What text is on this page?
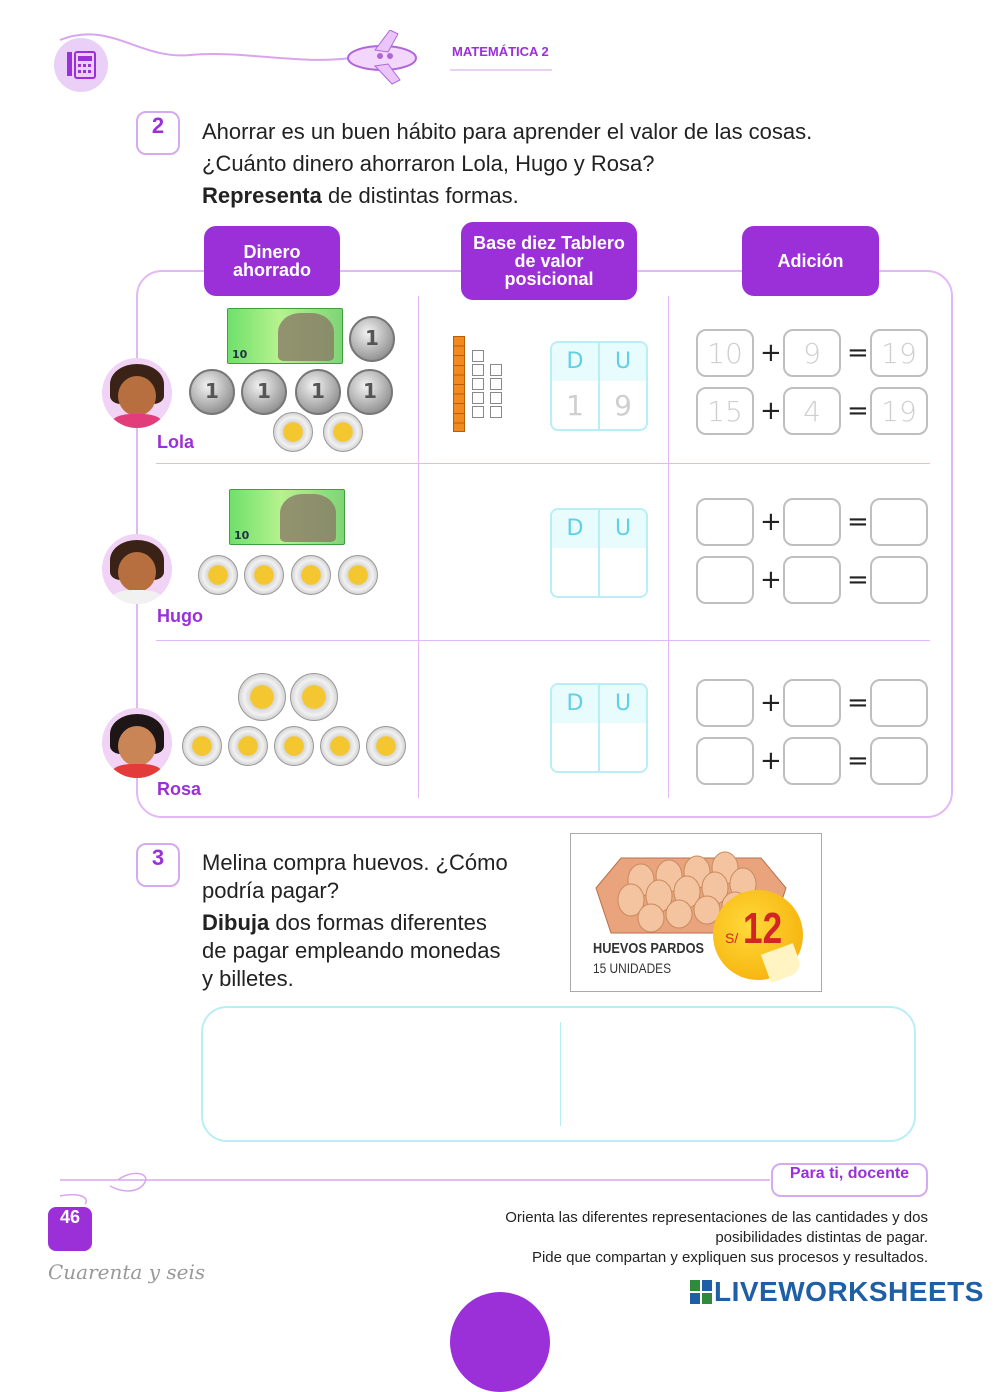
MATEMÁTICA 2
2	Ahorrar es un buen hábito para aprender el valor de las cosas.
¿Cuánto dinero ahorraron Lola, Hugo y Rosa?
Representa de distintas formas.
Dinero ahorrado
Base diez Tablero de valor posicional
Adición
Lola
10
1
1
1
1
1	D	U
1	9
10 + 9	= 19
15 + 4	= 19
Hugo
10	D	U	+	=
+	=
Rosa
D	U	+	=
+	=
3	Melina compra huevos. ¿Cómo
podría pagar?
Dibuja dos formas diferentes
de pagar empleando monedas
y billetes.
HUEVOS PARDOS
15 UNIDADES
S/ 12
Para ti, docente
Orienta las diferentes representaciones de las cantidades y dos
posibilidades distintas de pagar.
Pide que compartan y expliquen sus procesos y resultados.
46
Cuarenta y seis
LIVEWORKSHEETS
